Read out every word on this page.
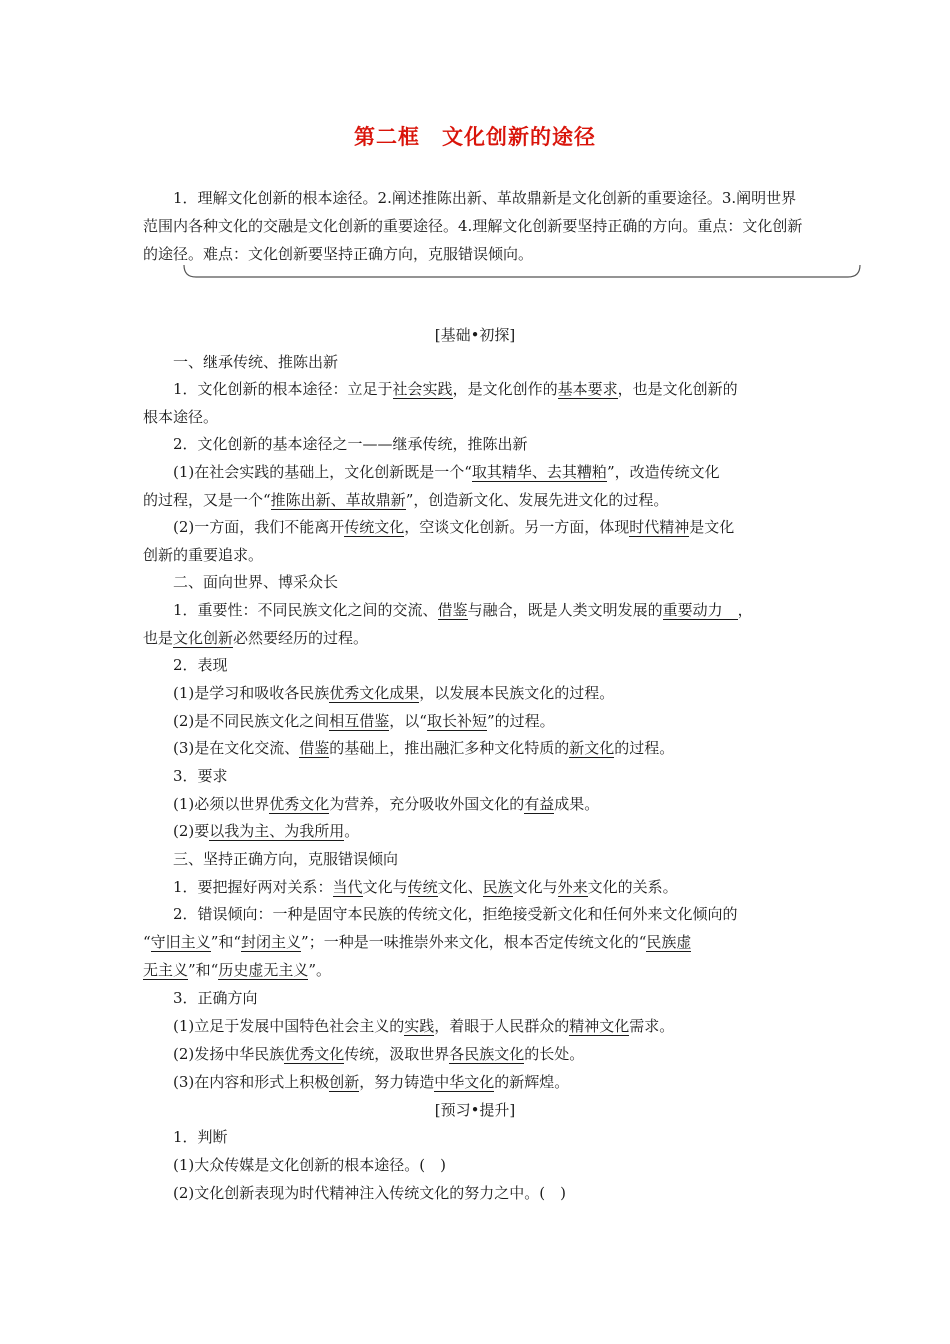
第二框　文化创新的途径
1．理解文化创新的根本途径。2.阐述推陈出新、革故鼎新是文化创新的重要途径。3.阐明世界范围内各种文化的交融是文化创新的重要途径。4.理解文化创新要坚持正确的方向。重点：文化创新的途径。难点：文化创新要坚持正确方向，克服错误倾向。
[基础•初探]
一、继承传统、推陈出新
1．文化创新的根本途径：立足于社会实践，是文化创作的基本要求，也是文化创新的
根本途径。
2．文化创新的基本途径之一——继承传统，推陈出新
(1)在社会实践的基础上，文化创新既是一个“取其精华、去其糟粕”，改造传统文化
的过程，又是一个“推陈出新、革故鼎新”，创造新文化、发展先进文化的过程。
(2)一方面，我们不能离开传统文化，空谈文化创新。另一方面，体现时代精神是文化
创新的重要追求。
二、面向世界、博采众长
1．重要性：不同民族文化之间的交流、借鉴与融合，既是人类文明发展的重要动力　，
也是文化创新必然要经历的过程。
2．表现
(1)是学习和吸收各民族优秀文化成果，以发展本民族文化的过程。
(2)是不同民族文化之间相互借鉴，以“取长补短”的过程。
(3)是在文化交流、借鉴的基础上，推出融汇多种文化特质的新文化的过程。
3．要求
(1)必须以世界优秀文化为营养，充分吸收外国文化的有益成果。
(2)要以我为主、为我所用。
三、坚持正确方向，克服错误倾向
1．要把握好两对关系：当代文化与传统文化、民族文化与外来文化的关系。
2．错误倾向：一种是固守本民族的传统文化，拒绝接受新文化和任何外来文化倾向的
“守旧主义”和“封闭主义”；一种是一味推崇外来文化，根本否定传统文化的“民族虚
无主义”和“历史虚无主义”。
3．正确方向
(1)立足于发展中国特色社会主义的实践，着眼于人民群众的精神文化需求。
(2)发扬中华民族优秀文化传统，汲取世界各民族文化的长处。
(3)在内容和形式上积极创新，努力铸造中华文化的新辉煌。
[预习•提升]
1．判断
(1)大众传媒是文化创新的根本途径。(　)
(2)文化创新表现为时代精神注入传统文化的努力之中。(　)
